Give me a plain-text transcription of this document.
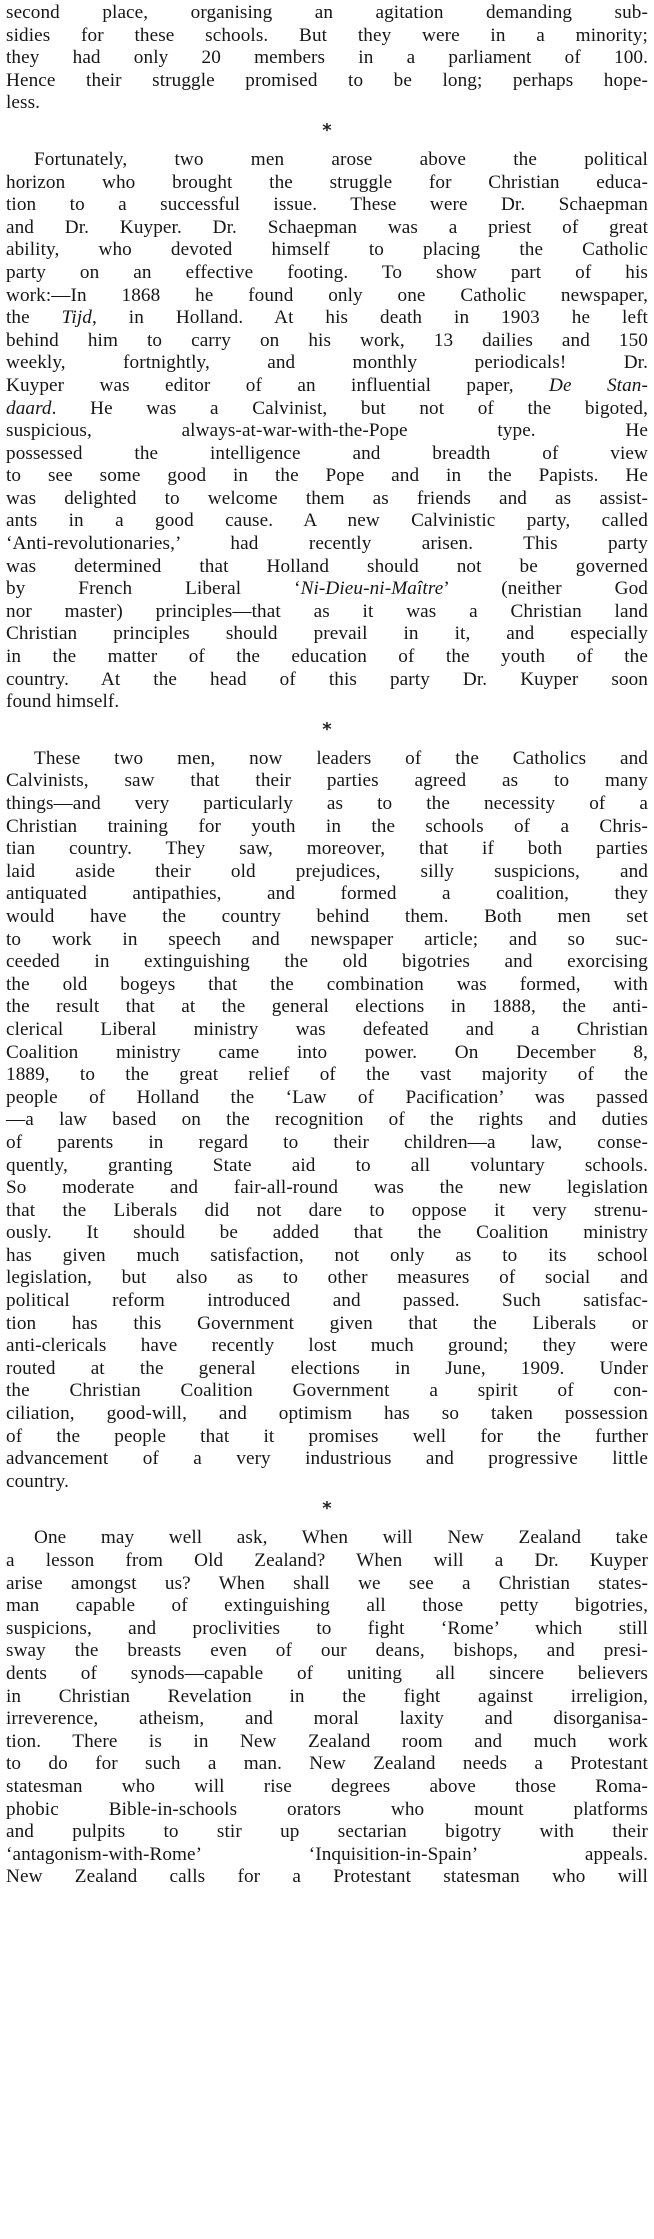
second place, organising an agitation demanding sub-
sidies for these schools. But they were in a minority;
they had only 20 members in a parliament of 100.
Hence their struggle promised to be long; perhaps hope-
less.

*

Fortunately, two men arose above the political
horizon who brought the struggle for Christian educa-
tion to a successful issue. These were Dr. Schaepman
and Dr. Kuyper. Dr. Schaepman was a priest of great
ability, who devoted himself to placing the Catholic
party on an effective footing. To show part of his
work:—In 1868 he found only one Catholic newspaper,
the Tijd, in Holland. At his death in 1903 he left
behind him to carry on his work, 13 dailies and 150
weekly, fortnightly, and monthly periodicals! Dr.
Kuyper was editor of an influential paper, De Stan-
daard. He was a Calvinist, but not of the bigoted,
suspicious, always-at-war-with-the-Pope type. He
possessed the intelligence and breadth of view
to see some good in the Pope and in the Papists. He
was delighted to welcome them as friends and as assist-
ants in a good cause. A new Calvinistic party, called
‘Anti-revolutionaries,’ had recently arisen. This party
was determined that Holland should not be governed
by French Liberal ‘Ni-Dieu-ni-Maître’ (neither God
nor master) principles—that as it was a Christian land
Christian principles should prevail in it, and especially
in the matter of the education of the youth of the
country. At the head of this party Dr. Kuyper soon
found himself.

*

These two men, now leaders of the Catholics and
Calvinists, saw that their parties agreed as to many
things—and very particularly as to the necessity of a
Christian training for youth in the schools of a Chris-
tian country. They saw, moreover, that if both parties
laid aside their old prejudices, silly suspicions, and
antiquated antipathies, and formed a coalition, they
would have the country behind them. Both men set
to work in speech and newspaper article; and so suc-
ceeded in extinguishing the old bigotries and exorcising
the old bogeys that the combination was formed, with
the result that at the general elections in 1888, the anti-
clerical Liberal ministry was defeated and a Christian
Coalition ministry came into power. On December 8,
1889, to the great relief of the vast majority of the
people of Holland the ‘Law of Pacification’ was passed
—a law based on the recognition of the rights and duties
of parents in regard to their children—a law, conse-
quently, granting State aid to all voluntary schools.
So moderate and fair-all-round was the new legislation
that the Liberals did not dare to oppose it very strenu-
ously. It should be added that the Coalition ministry
has given much satisfaction, not only as to its school
legislation, but also as to other measures of social and
political reform introduced and passed. Such satisfac-
tion has this Government given that the Liberals or
anti-clericals have recently lost much ground; they were
routed at the general elections in June, 1909. Under
the Christian Coalition Government a spirit of con-
ciliation, good-will, and optimism has so taken possession
of the people that it promises well for the further
advancement of a very industrious and progressive little
country.

*

One may well ask, When will New Zealand take
a lesson from Old Zealand? When will a Dr. Kuyper
arise amongst us? When shall we see a Christian states-
man capable of extinguishing all those petty bigotries,
suspicions, and proclivities to fight ‘Rome’ which still
sway the breasts even of our deans, bishops, and presi-
dents of synods—capable of uniting all sincere believers
in Christian Revelation in the fight against irreligion,
irreverence, atheism, and moral laxity and disorganisa-
tion. There is in New Zealand room and much work
to do for such a man. New Zealand needs a Protestant
statesman who will rise degrees above those Roma-
phobic Bible-in-schools orators who mount platforms
and pulpits to stir up sectarian bigotry with their
‘antagonism-with-Rome’ ‘Inquisition-in-Spain’ appeals.
New Zealand calls for a Protestant statesman who will
